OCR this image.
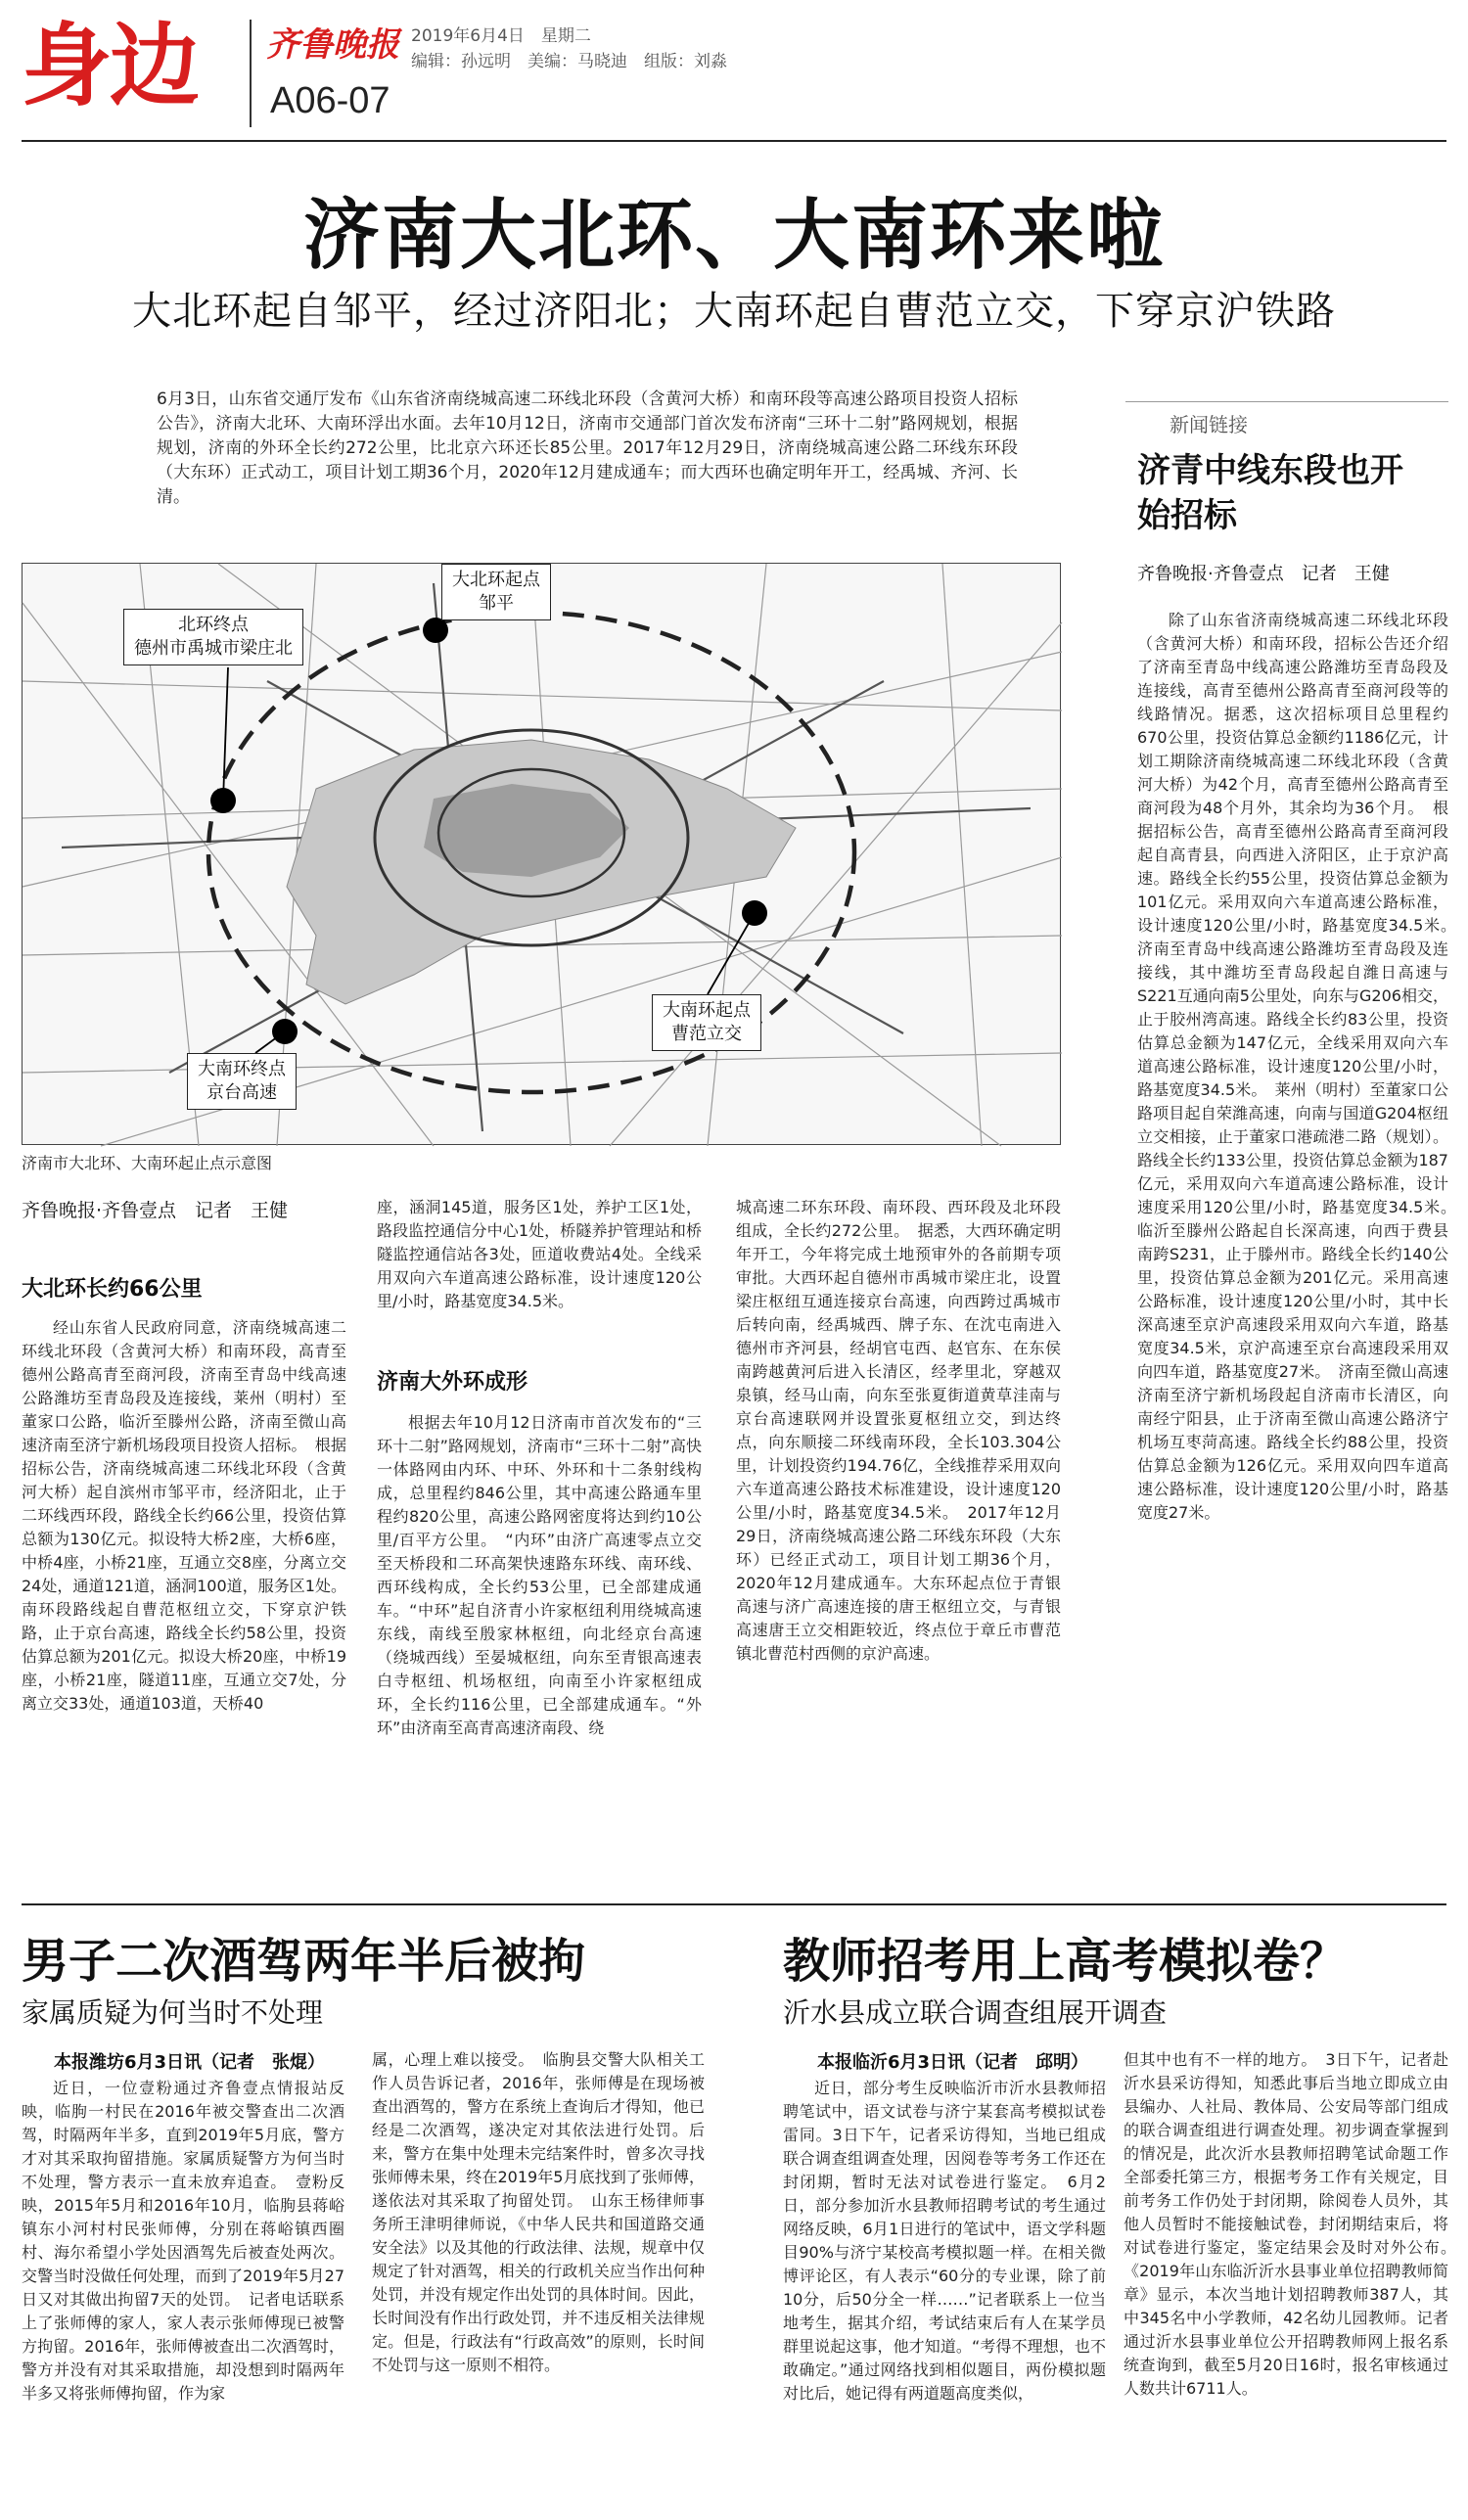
身边 齐鲁晚报 2019年6月4日　星期二
编辑：孙远明　美编：马晓迪　组版：刘淼
A06-07
济南大北环、大南环来啦
大北环起自邹平，经过济阳北；大南环起自曹范立交，下穿京沪铁路
6月3日，山东省交通厅发布《山东省济南绕城高速二环线北环段（含黄河大桥）和南环段等高速公路项目投资人招标公告》，济南大北环、大南环浮出水面。去年10月12日，济南市交通部门首次发布济南“三环十二射”路网规划，根据规划，济南的外环全长约272公里，比北京六环还长85公里。2017年12月29日，济南绕城高速公路二环线东环段（大东环）正式动工，项目计划工期36个月，2020年12月建成通车；而大西环也确定明年开工，经禹城、齐河、长清。
北环终点
德州市禹城市梁庄北
大北环起点
邹平
大南环起点
曹范立交
大南环终点
京台高速
济南市大北环、大南环起止点示意图
齐鲁晚报·齐鲁壹点　记者　王健
大北环长约66公里

经山东省人民政府同意，济南绕城高速二环线北环段（含黄河大桥）和南环段，高青至德州公路高青至商河段，济南至青岛中线高速公路潍坊至青岛段及连接线，莱州（明村）至董家口公路，临沂至滕州公路，济南至微山高速济南至济宁新机场段项目投资人招标。　根据招标公告，济南绕城高速二环线北环段（含黄河大桥）起自滨州市邹平市，经济阳北，止于二环线西环段，路线全长约66公里，投资估算总额为130亿元。拟设特大桥2座，大桥6座，中桥4座，小桥21座，互通立交8座，分离立交24处，通道121道，涵洞100道，服务区1处。南环段路线起自曹范枢纽立交，下穿京沪铁路，止于京台高速，路线全长约58公里，投资估算总额为201亿元。拟设大桥20座，中桥19座，小桥21座，隧道11座，互通立交7处，分离立交33处，通道103道，天桥40

座，涵洞145道，服务区1处，养护工区1处，路段监控通信分中心1处，桥隧养护管理站和桥隧监控通信站各3处，匝道收费站4处。全线采用双向六车道高速公路标准，设计速度120公里/小时，路基宽度34.5米。

济南大外环成形

根据去年10月12日济南市首次发布的“三环十二射”路网规划，济南市“三环十二射”高快一体路网由内环、中环、外环和十二条射线构成，总里程约846公里，其中高速公路通车里程约820公里，高速公路网密度将达到约10公里/百平方公里。　“内环”由济广高速零点立交至天桥段和二环高架快速路东环线、南环线、西环线构成，全长约53公里，已全部建成通车。“中环”起自济青小许家枢纽利用绕城高速东线，南线至殷家林枢纽，向北经京台高速（绕城西线）至晏城枢纽，向东至青银高速表白寺枢纽、机场枢纽，向南至小许家枢纽成环，全长约116公里，已全部建成通车。“外环”由济南至高青高速济南段、绕

城高速二环东环段、南环段、西环段及北环段组成，全长约272公里。　据悉，大西环确定明年开工，今年将完成土地预审外的各前期专项审批。大西环起自德州市禹城市梁庄北，设置梁庄枢纽互通连接京台高速，向西跨过禹城市后转向南，经禹城西、牌子东、在沈屯南进入德州市齐河县，经胡官屯西、赵官东、在东侯南跨越黄河后进入长清区，经孝里北，穿越双泉镇，经马山南，向东至张夏街道黄草洼南与京台高速联网并设置张夏枢纽立交，到达终点，向东顺接二环线南环段，全长103.304公里，计划投资约194.76亿，全线推荐采用双向六车道高速公路技术标准建设，设计速度120公里/小时，路基宽度34.5米。　2017年12月29日，济南绕城高速公路二环线东环段（大东环）已经正式动工，项目计划工期36个月，2020年12月建成通车。大东环起点位于青银高速与济广高速连接的唐王枢纽立交，与青银高速唐王立交相距较近，终点位于章丘市曹范镇北曹范村西侧的京沪高速。

新闻链接
济青中线东段也开始招标
齐鲁晚报·齐鲁壹点　记者　王健

除了山东省济南绕城高速二环线北环段（含黄河大桥）和南环段，招标公告还介绍了济南至青岛中线高速公路潍坊至青岛段及连接线，高青至德州公路高青至商河段等的线路情况。据悉，这次招标项目总里程约670公里，投资估算总金额约1186亿元，计划工期除济南绕城高速二环线北环段（含黄河大桥）为42个月，高青至德州公路高青至商河段为48个月外，其余均为36个月。　根据招标公告，高青至德州公路高青至商河段起自高青县，向西进入济阳区，止于京沪高速。路线全长约55公里，投资估算总金额为101亿元。采用双向六车道高速公路标准，设计速度120公里/小时，路基宽度34.5米。　济南至青岛中线高速公路潍坊至青岛段及连接线，其中潍坊至青岛段起自潍日高速与S221互通向南5公里处，向东与G206相交，止于胶州湾高速。路线全长约83公里，投资估算总金额为147亿元，全线采用双向六车道高速公路标准，设计速度120公里/小时，路基宽度34.5米。　莱州（明村）至董家口公路项目起自荣潍高速，向南与国道G204枢纽立交相接，止于董家口港疏港二路（规划）。路线全长约133公里，投资估算总金额为187亿元，采用双向六车道高速公路标准，设计速度采用120公里/小时，路基宽度34.5米。　临沂至滕州公路起自长深高速，向西于费县南跨S231，止于滕州市。路线全长约140公里，投资估算总金额为201亿元。采用高速公路标准，设计速度120公里/小时，其中长深高速至京沪高速段采用双向六车道，路基宽度34.5米，京沪高速至京台高速段采用双向四车道，路基宽度27米。　济南至微山高速济南至济宁新机场段起自济南市长清区，向南经宁阳县，止于济南至微山高速公路济宁机场互枣菏高速。路线全长约88公里，投资估算总金额为126亿元。采用双向四车道高速公路标准，设计速度120公里/小时，路基宽度27米。

男子二次酒驾两年半后被拘
家属质疑为何当时不处理
本报潍坊6月3日讯（记者　张焜）

近日，一位壹粉通过齐鲁壹点情报站反映，临朐一村民在2016年被交警查出二次酒驾，时隔两年半多，直到2019年5月底，警方才对其采取拘留措施。家属质疑警方为何当时不处理，警方表示一直未放弃追查。　壹粉反映，2015年5月和2016年10月，临朐县蒋峪镇东小河村村民张师傅，分别在蒋峪镇西圈村、海尔希望小学处因酒驾先后被查处两次。交警当时没做任何处理，而到了2019年5月27日又对其做出拘留7天的处罚。　记者电话联系上了张师傅的家人，家人表示张师傅现已被警方拘留。2016年，张师傅被查出二次酒驾时，警方并没有对其采取措施，却没想到时隔两年半多又将张师傅拘留，作为家

属，心理上难以接受。　临朐县交警大队相关工作人员告诉记者，2016年，张师傅是在现场被查出酒驾的，警方在系统上查询后才得知，他已经是二次酒驾，遂决定对其依法进行处罚。后来，警方在集中处理未完结案件时，曾多次寻找张师傅未果，终在2019年5月底找到了张师傅，遂依法对其采取了拘留处罚。　山东王杨律师事务所王津明律师说，《中华人民共和国道路交通安全法》以及其他的行政法律、法规，规章中仅规定了针对酒驾，相关的行政机关应当作出何种处罚，并没有规定作出处罚的具体时间。因此，长时间没有作出行政处罚，并不违反相关法律规定。但是，行政法有“行政高效”的原则，长时间不处罚与这一原则不相符。

教师招考用上高考模拟卷？
沂水县成立联合调查组展开调查
本报临沂6月3日讯（记者　邱明）

近日，部分考生反映临沂市沂水县教师招聘笔试中，语文试卷与济宁某套高考模拟试卷雷同。3日下午，记者采访得知，当地已组成联合调查组调查处理，因阅卷等考务工作还在封闭期，暂时无法对试卷进行鉴定。　6月2日，部分参加沂水县教师招聘考试的考生通过网络反映，6月1日进行的笔试中，语文学科题目90%与济宁某校高考模拟题一样。在相关微博评论区，有人表示“60分的专业课，除了前10分，后50分全一样……”记者联系上一位当地考生，据其介绍，考试结束后有人在某学员群里说起这事，他才知道。“考得不理想，也不敢确定。”通过网络找到相似题目，两份模拟题对比后，她记得有两道题高度类似，

但其中也有不一样的地方。　3日下午，记者赴沂水县采访得知，知悉此事后当地立即成立由县编办、人社局、教体局、公安局等部门组成的联合调查组进行调查处理。初步调查掌握到的情况是，此次沂水县教师招聘笔试命题工作全部委托第三方，根据考务工作有关规定，目前考务工作仍处于封闭期，除阅卷人员外，其他人员暂时不能接触试卷，封闭期结束后，将对试卷进行鉴定，鉴定结果会及时对外公布。　《2019年山东临沂沂水县事业单位招聘教师简章》显示，本次当地计划招聘教师387人，其中345名中小学教师，42名幼儿园教师。记者通过沂水县事业单位公开招聘教师网上报名系统查询到，截至5月20日16时，报名审核通过人数共计6711人。
